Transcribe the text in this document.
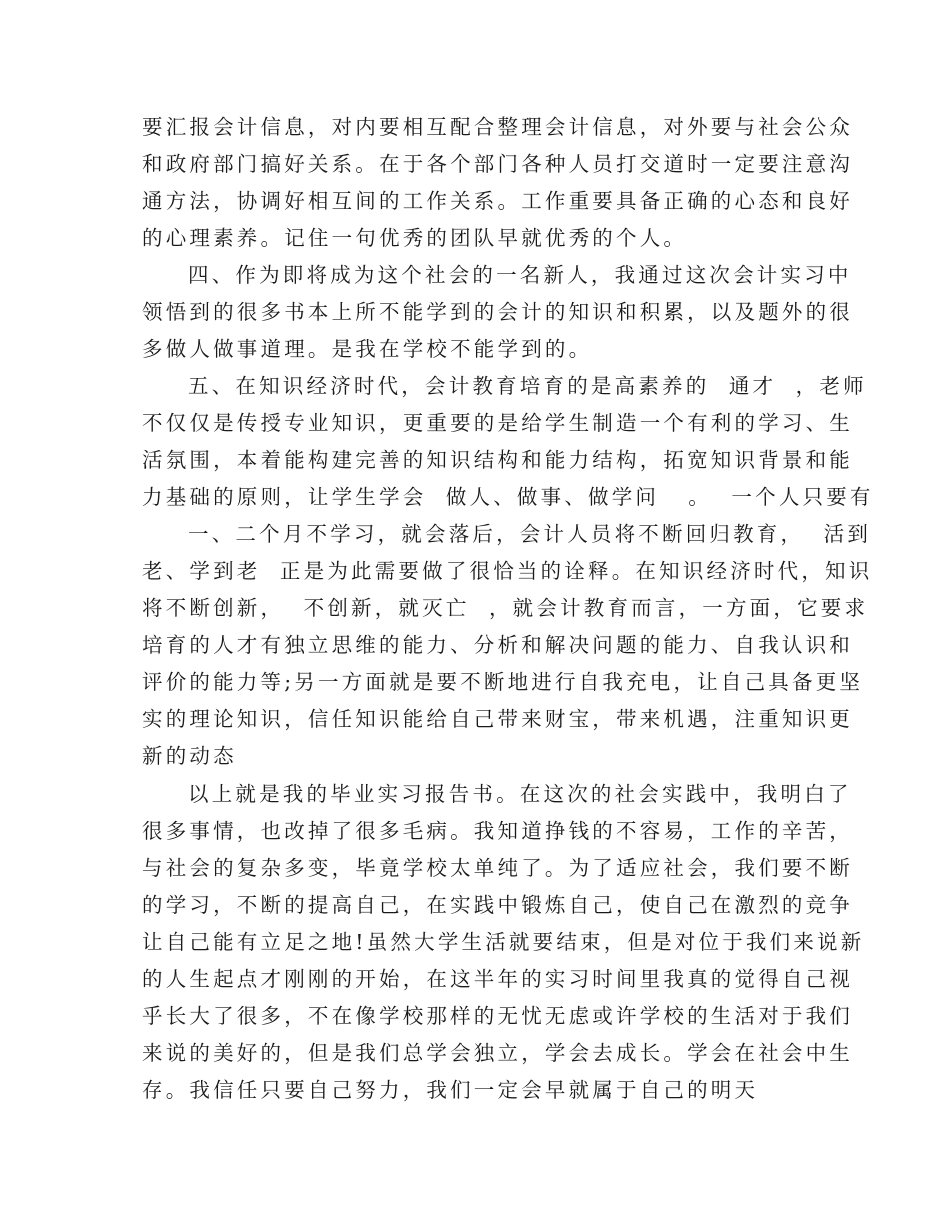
要汇报会计信息，对内要相互配合整理会计信息，对外要与社会公众
和政府部门搞好关系。在于各个部门各种人员打交道时一定要注意沟
通方法，协调好相互间的工作关系。工作重要具备正确的心态和良好
的心理素养。记住一句优秀的团队早就优秀的个人。
四、作为即将成为这个社会的一名新人，我通过这次会计实习中
领悟到的很多书本上所不能学到的会计的知识和积累，以及题外的很
多做人做事道理。是我在学校不能学到的。
五、在知识经济时代，会计教育培育的是高素养的  通才  ，老师
不仅仅是传授专业知识，更重要的是给学生制造一个有利的学习、生
活氛围，本着能构建完善的知识结构和能力结构，拓宽知识背景和能
力基础的原则，让学生学会  做人、做事、做学问   。  一个人只要有
一、二个月不学习，就会落后，会计人员将不断回归教育，  活到
老、学到老  正是为此需要做了很恰当的诠释。在知识经济时代，知识
将不断创新，  不创新，就灭亡  ，就会计教育而言，一方面，它要求
培育的人才有独立思维的能力、分析和解决问题的能力、自我认识和
评价的能力等;另一方面就是要不断地进行自我充电，让自己具备更坚
实的理论知识，信任知识能给自己带来财宝，带来机遇，注重知识更
新的动态
以上就是我的毕业实习报告书。在这次的社会实践中，我明白了
很多事情，也改掉了很多毛病。我知道挣钱的不容易，工作的辛苦，
与社会的复杂多变，毕竟学校太单纯了。为了适应社会，我们要不断
的学习，不断的提高自己，在实践中锻炼自己，使自己在激烈的竞争
让自己能有立足之地!虽然大学生活就要结束，但是对位于我们来说新
的人生起点才刚刚的开始，在这半年的实习时间里我真的觉得自己视
乎长大了很多，不在像学校那样的无忧无虑或许学校的生活对于我们
来说的美好的，但是我们总学会独立，学会去成长。学会在社会中生
存。我信任只要自己努力，我们一定会早就属于自己的明天
